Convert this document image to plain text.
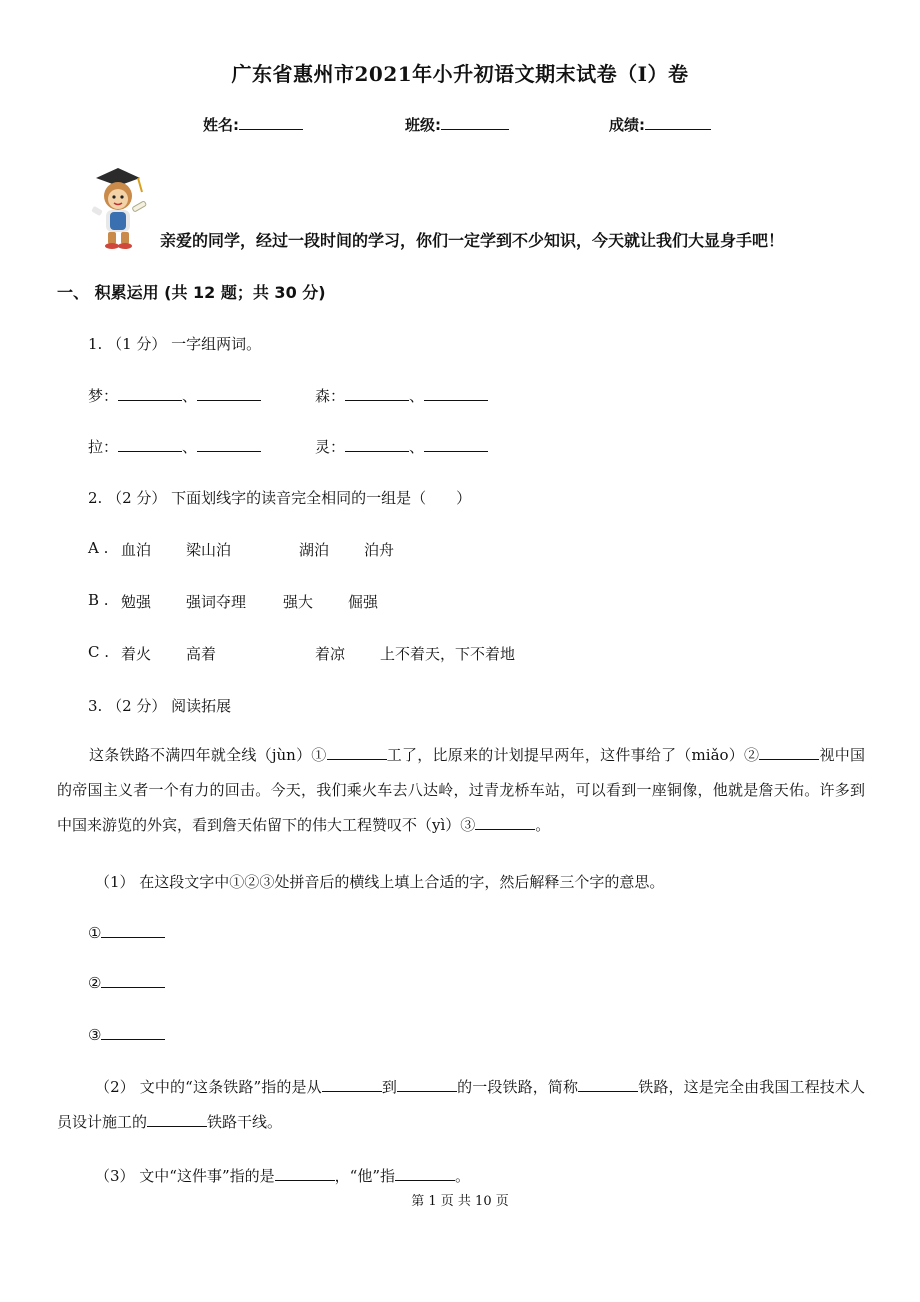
广东省惠州市2021年小升初语文期末试卷（I）卷
姓名:	班级:	成绩:
亲爱的同学，经过一段时间的学习，你们一定学到不少知识，今天就让我们大显身手吧！
一、 积累运用 (共 12 题；共 30 分)
1. （1 分） 一字组两词。
梦：	、	森：	、
拉：	、	灵：	、
2. （2 分） 下面划线字的读音完全相同的一组是（　　）
A . 血泊 梁山泊	湖泊 泊舟
B . 勉强 强词夺理 强大 倔强
C . 着火 高着	着凉 上不着天，下不着地
3. （2 分） 阅读拓展
这条铁路不满四年就全线（jùn）①	工了，比原来的计划提早两年，这件事给了（miǎo）②	视中国的帝国主义者一个有力的回击。今天，我们乘火车去八达岭，过青龙桥车站，可以看到一座铜像，他就是詹天佑。许多到中国来游览的外宾，看到詹天佑留下的伟大工程赞叹不（yì）③	。
（1） 在这段文字中①②③处拼音后的横线上填上合适的字，然后解释三个字的意思。
①
②
③
（2） 文中的“这条铁路”指的是从	到	的一段铁路，简称	铁路，这是完全由我国工程技术人员设计施工的	铁路干线。
（3） 文中“这件事”指的是	，“他”指	。
第 1 页 共 10 页
